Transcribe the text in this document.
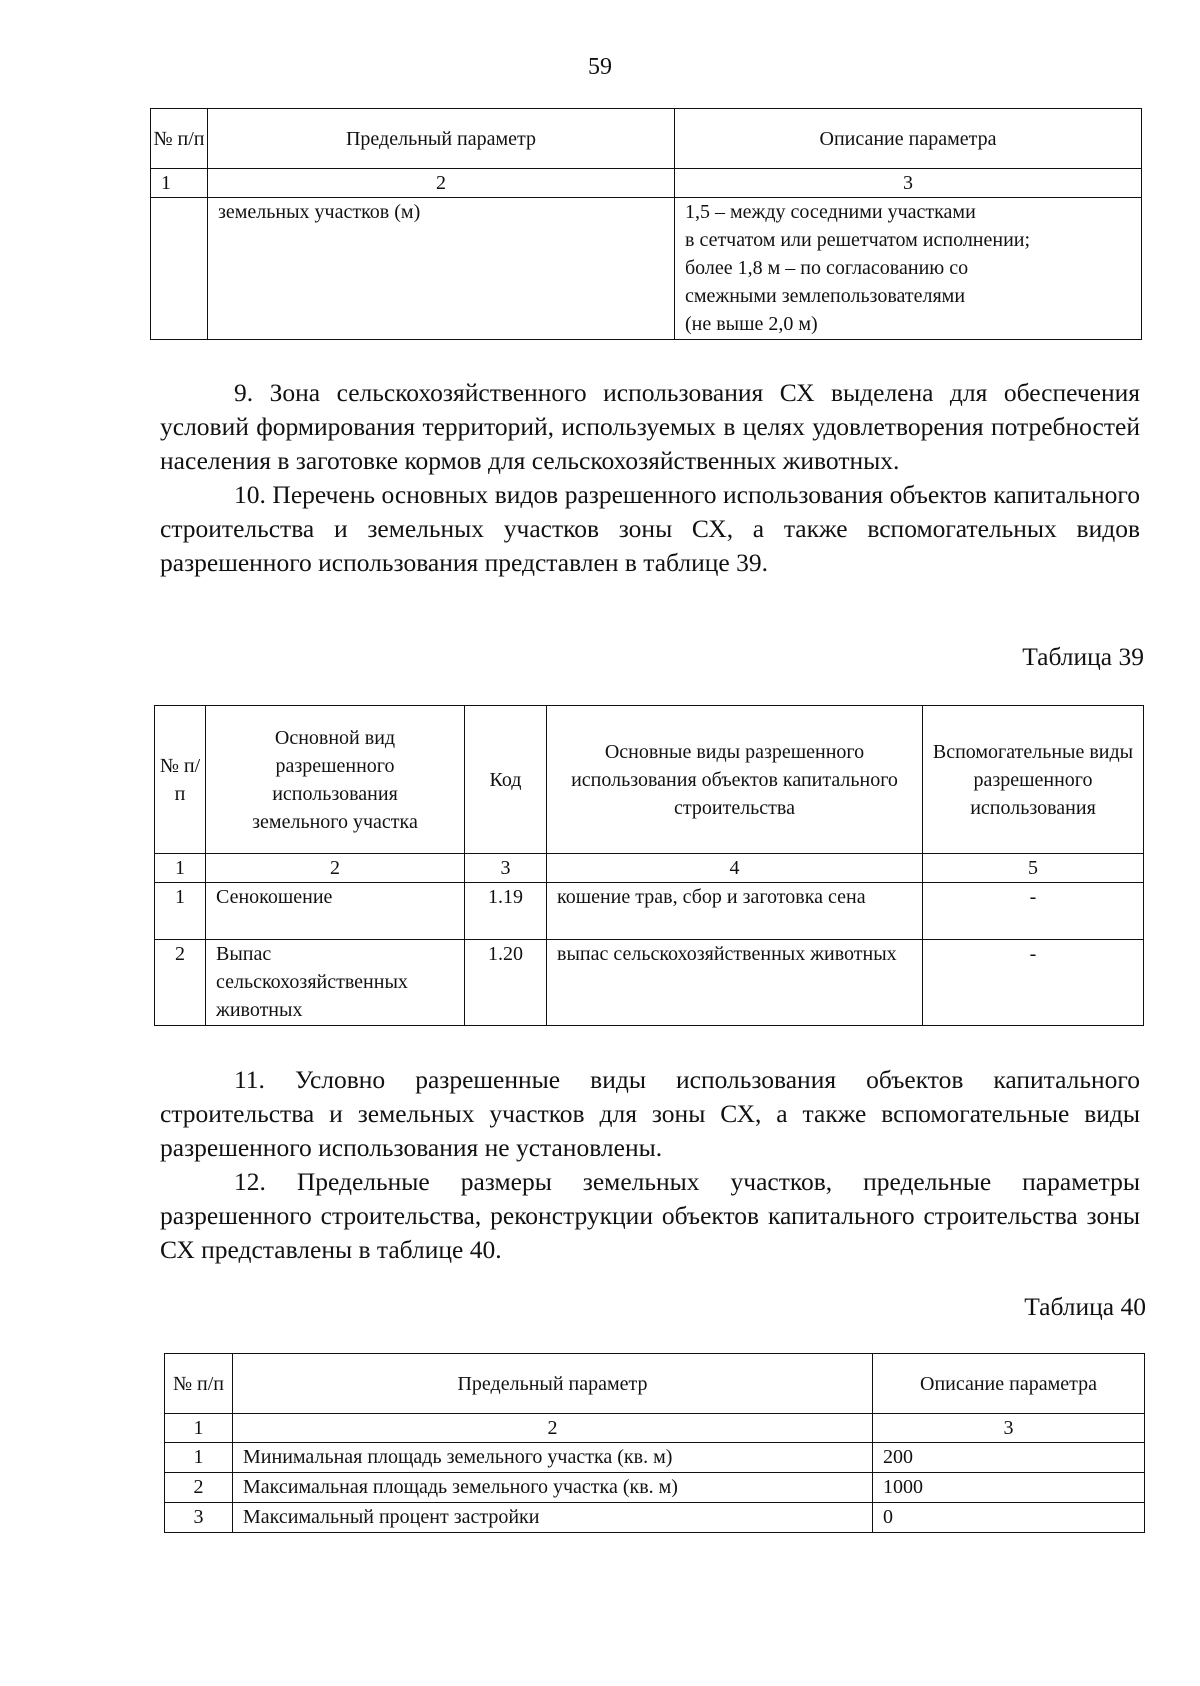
59
№ п/п	Предельный параметр	Описание параметра
1	2	3
	земельных участков (м)	1,5 – между соседними участками
в сетчатом или решетчатом исполнении;
более 1,8 м – по согласованию со
смежными землепользователями
(не выше 2,0 м)

9. Зона сельскохозяйственного использования СХ выделена для обеспечения условий формирования территорий, используемых в целях удовлетворения потребностей населения в заготовке кормов для сельскохозяйственных животных.

10. Перечень основных видов разрешенного использования объектов капитального строительства и земельных участков зоны СХ, а также вспомогательных видов разрешенного использования представлен в таблице 39.

Таблица 39
№ п/п	Основной вид разрешенного использования земельного участка	Код	Основные виды разрешенного использования объектов капитального строительства	Вспомогательные виды разрешенного использования
1	2	3	4	5
1	Сенокошение	1.19	кошение трав, сбор и заготовка сена	-
2	Выпас сельскохозяйственных животных	1.20	выпас сельскохозяйственных животных	-

11. Условно разрешенные виды использования объектов капитального строительства и земельных участков для зоны СХ, а также вспомогательные виды разрешенного использования не установлены.

12. Предельные размеры земельных участков, предельные параметры разрешенного строительства, реконструкции объектов капитального строительства зоны СХ представлены в таблице 40.

Таблица 40
№ п/п	Предельный параметр	Описание параметра
1	2	3
1	Минимальная площадь земельного участка (кв. м)	200
2	Максимальная площадь земельного участка (кв. м)	1000
3	Максимальный процент застройки	0
